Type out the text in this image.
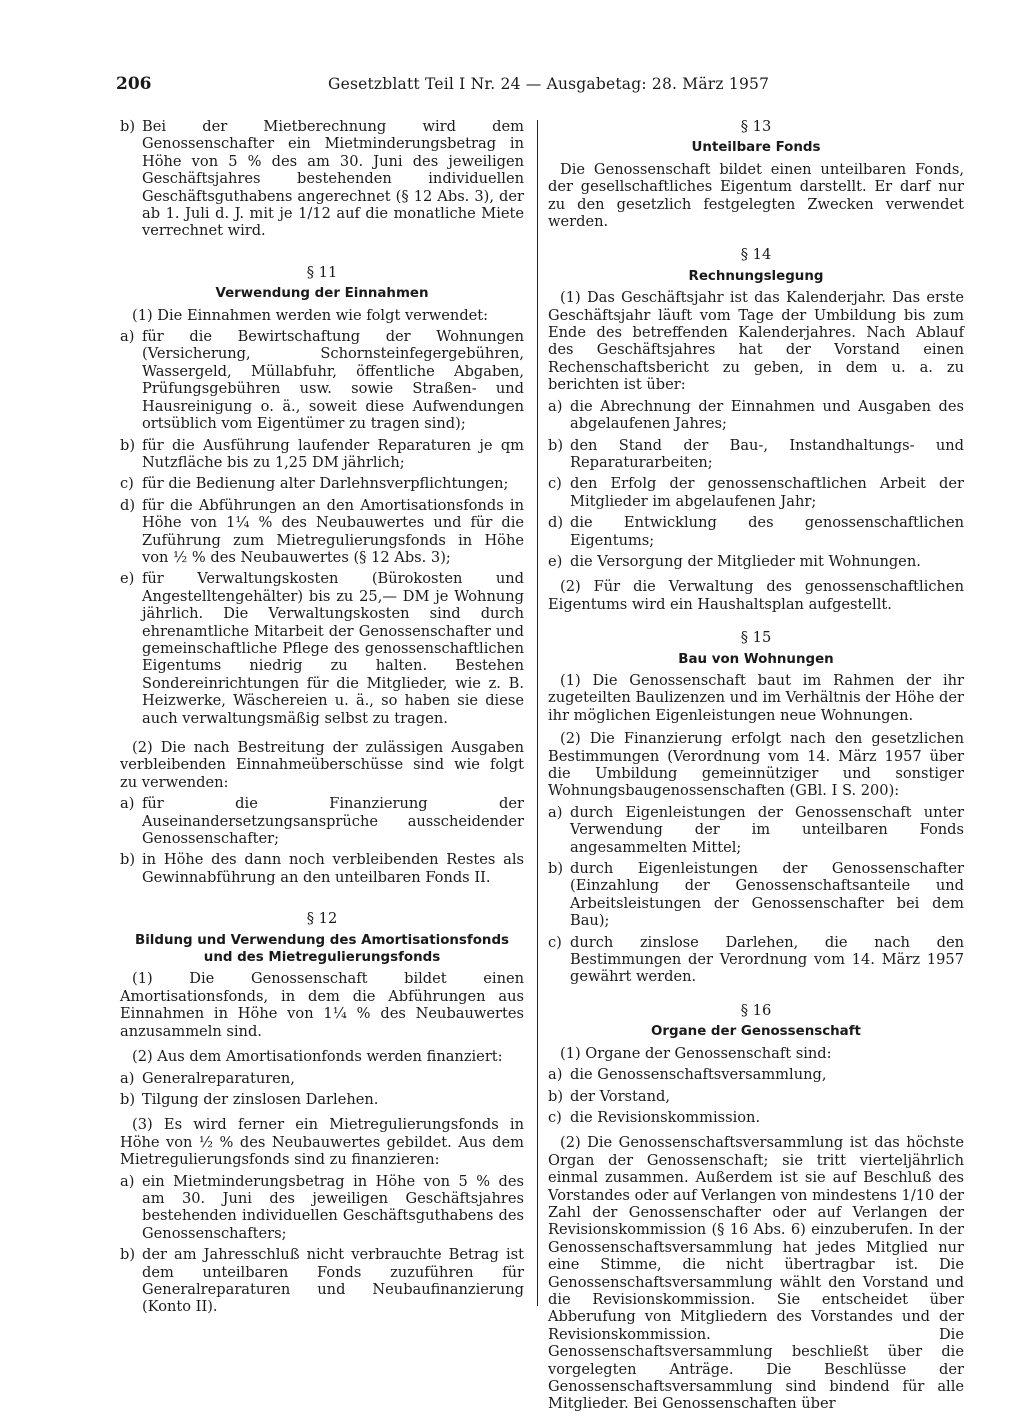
206	Gesetzblatt Teil I Nr. 24 — Ausgabetag: 28. März 1957
b) Bei der Mietberechnung wird dem Genossenschafter ein Mietminderungsbetrag in Höhe von 5 % des am 30. Juni des jeweiligen Geschäftsjahres bestehenden individuellen Geschäftsguthabens angerechnet (§ 12 Abs. 3), der ab 1. Juli d. J. mit je 1/12 auf die monatliche Miete verrechnet wird.

§ 11

Verwendung der Einnahmen

(1) Die Einnahmen werden wie folgt verwendet:

a) für die Bewirtschaftung der Wohnungen (Versicherung, Schornsteinfegergebühren, Wassergeld, Müllabfuhr, öffentliche Abgaben, Prüfungsgebühren usw. sowie Straßen- und Hausreinigung o. ä., soweit diese Aufwendungen ortsüblich vom Eigentümer zu tragen sind);
b) für die Ausführung laufender Reparaturen je qm Nutzfläche bis zu 1,25 DM jährlich;
c) für die Bedienung alter Darlehnsverpflichtungen;
d) für die Abführungen an den Amortisationsfonds in Höhe von 1¼ % des Neubauwertes und für die Zuführung zum Mietregulierungsfonds in Höhe von ½ % des Neubauwertes (§ 12 Abs. 3);
e) für Verwaltungskosten (Bürokosten und Angestelltengehälter) bis zu 25,— DM je Wohnung jährlich. Die Verwaltungskosten sind durch ehrenamtliche Mitarbeit der Genossenschafter und gemeinschaftliche Pflege des genossenschaftlichen Eigentums niedrig zu halten. Bestehen Sondereinrichtungen für die Mitglieder, wie z. B. Heizwerke, Wäschereien u. ä., so haben sie diese auch verwaltungsmäßig selbst zu tragen.

(2) Die nach Bestreitung der zulässigen Ausgaben verbleibenden Einnahmeüberschüsse sind wie folgt zu verwenden:

a) für die Finanzierung der Auseinandersetzungsansprüche ausscheidender Genossenschafter;
b) in Höhe des dann noch verbleibenden Restes als Gewinnabführung an den unteilbaren Fonds II.

§ 12

Bildung und Verwendung des Amortisationsfonds

und des Mietregulierungsfonds

(1) Die Genossenschaft bildet einen Amortisationsfonds, in dem die Abführungen aus Einnahmen in Höhe von 1¼ % des Neubauwertes anzusammeln sind.

(2) Aus dem Amortisationfonds werden finanziert:

a) Generalreparaturen,
b) Tilgung der zinslosen Darlehen.

(3) Es wird ferner ein Mietregulierungsfonds in Höhe von ½ % des Neubauwertes gebildet. Aus dem Mietregulierungsfonds sind zu finanzieren:

a) ein Mietminderungsbetrag in Höhe von 5 % des am 30. Juni des jeweiligen Geschäftsjahres bestehenden individuellen Geschäftsguthabens des Genossenschafters;
b) der am Jahresschluß nicht verbrauchte Betrag ist dem unteilbaren Fonds zuzuführen für Generalreparaturen und Neubaufinanzierung (Konto II).

§ 13

Unteilbare Fonds

Die Genossenschaft bildet einen unteilbaren Fonds, der gesellschaftliches Eigentum darstellt. Er darf nur zu den gesetzlich festgelegten Zwecken verwendet werden.

§ 14

Rechnungslegung

(1) Das Geschäftsjahr ist das Kalenderjahr. Das erste Geschäftsjahr läuft vom Tage der Umbildung bis zum Ende des betreffenden Kalenderjahres. Nach Ablauf des Geschäftsjahres hat der Vorstand einen Rechenschaftsbericht zu geben, in dem u. a. zu berichten ist über:

a) die Abrechnung der Einnahmen und Ausgaben des abgelaufenen Jahres;
b) den Stand der Bau-, Instandhaltungs- und Reparaturarbeiten;
c) den Erfolg der genossenschaftlichen Arbeit der Mitglieder im abgelaufenen Jahr;
d) die Entwicklung des genossenschaftlichen Eigentums;
e) die Versorgung der Mitglieder mit Wohnungen.

(2) Für die Verwaltung des genossenschaftlichen Eigentums wird ein Haushaltsplan aufgestellt.

§ 15

Bau von Wohnungen

(1) Die Genossenschaft baut im Rahmen der ihr zugeteilten Baulizenzen und im Verhältnis der Höhe der ihr möglichen Eigenleistungen neue Wohnungen.

(2) Die Finanzierung erfolgt nach den gesetzlichen Bestimmungen (Verordnung vom 14. März 1957 über die Umbildung gemeinnütziger und sonstiger Wohnungsbaugenossenschaften (GBl. I S. 200):

a) durch Eigenleistungen der Genossenschaft unter Verwendung der im unteilbaren Fonds angesammelten Mittel;
b) durch Eigenleistungen der Genossenschafter (Einzahlung der Genossenschaftsanteile und Arbeitsleistungen der Genossenschafter bei dem Bau);
c) durch zinslose Darlehen, die nach den Bestimmungen der Verordnung vom 14. März 1957 gewährt werden.

§ 16

Organe der Genossenschaft

(1) Organe der Genossenschaft sind:

a) die Genossenschaftsversammlung,
b) der Vorstand,
c) die Revisionskommission.

(2) Die Genossenschaftsversammlung ist das höchste Organ der Genossenschaft; sie tritt vierteljährlich einmal zusammen. Außerdem ist sie auf Beschluß des Vorstandes oder auf Verlangen von mindestens 1/10 der Zahl der Genossenschafter oder auf Verlangen der Revisionskommission (§ 16 Abs. 6) einzuberufen. In der Genossenschaftsversammlung hat jedes Mitglied nur eine Stimme, die nicht übertragbar ist. Die Genossenschaftsversammlung wählt den Vorstand und die Revisionskommission. Sie entscheidet über Abberufung von Mitgliedern des Vorstandes und der Revisionskommission. Die Genossenschaftsversammlung beschließt über die vorgelegten Anträge. Die Beschlüsse der Genossenschaftsversammlung sind bindend für alle Mitglieder. Bei Genossenschaften über
